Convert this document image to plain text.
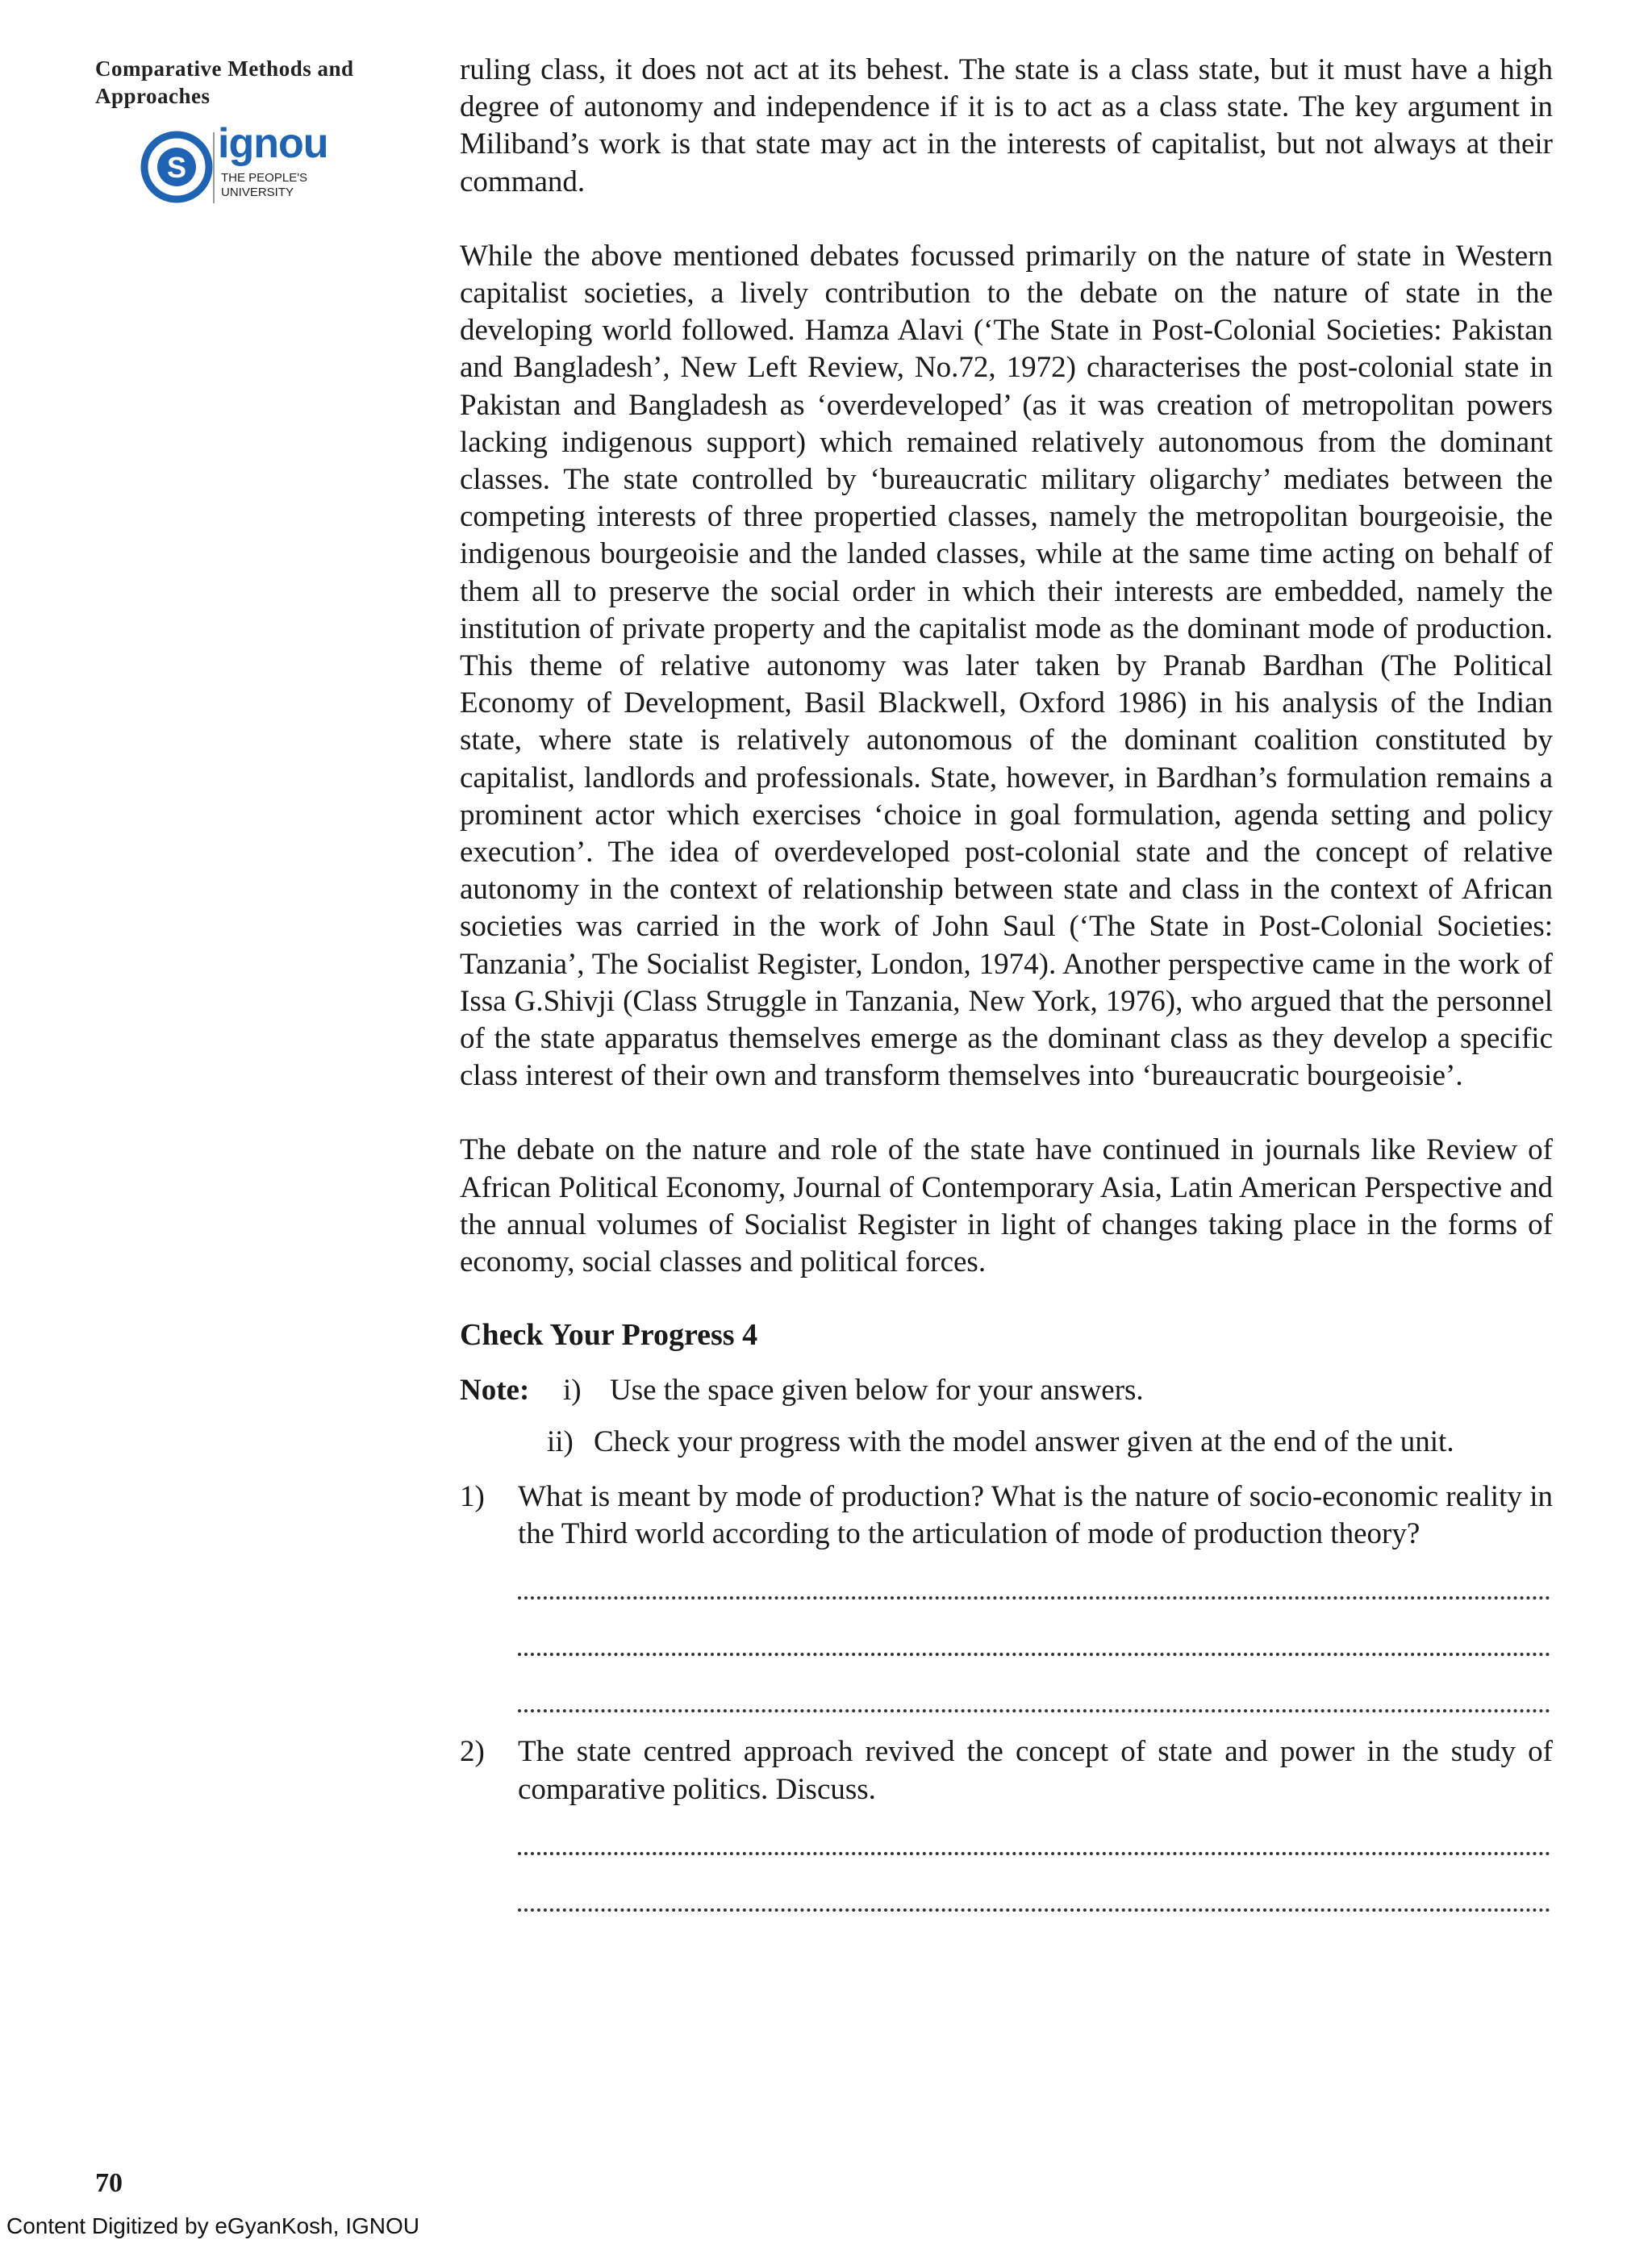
Comparative Methods and
Approaches
S
ignou
THE PEOPLE'S
UNIVERSITY

ruling class, it does not act at its behest. The state is a class state, but it must have a high degree of autonomy and independence if it is to act as a class state. The key argument in Miliband’s work is that state may act in the interests of capitalist, but not always at their command.

While the above mentioned debates focussed primarily on the nature of state in Western capitalist societies, a lively contribution to the debate on the nature of state in the developing world followed. Hamza Alavi (‘The State in Post-Colonial Societies: Pakistan and Bangladesh’, New Left Review, No.72, 1972) characterises the post-colonial state in Pakistan and Bangladesh as ‘overdeveloped’ (as it was creation of metropolitan powers lacking indigenous support) which remained relatively autonomous from the dominant classes. The state controlled by ‘bureaucratic military oligarchy’ mediates between the competing interests of three propertied classes, namely the metropolitan bourgeoisie, the indigenous bourgeoisie and the landed classes, while at the same time acting on behalf of them all to preserve the social order in which their interests are embedded, namely the institution of private property and the capitalist mode as the dominant mode of production. This theme of relative autonomy was later taken by Pranab Bardhan (The Political Economy of Development, Basil Blackwell, Oxford 1986) in his analysis of the Indian state, where state is relatively autonomous of the dominant coalition constituted by capitalist, landlords and professionals. State, however, in Bardhan’s formulation remains a prominent actor which exercises ‘choice in goal formulation, agenda setting and policy execution’. The idea of overdeveloped post-colonial state and the concept of relative autonomy in the context of relationship between state and class in the context of African societies was carried in the work of John Saul (‘The State in Post-Colonial Societies: Tanzania’, The Socialist Register, London, 1974). Another perspective came in the work of Issa G.Shivji (Class Struggle in Tanzania, New York, 1976), who argued that the personnel of the state apparatus themselves emerge as the dominant class as they develop a specific class interest of their own and transform themselves into ‘bureaucratic bourgeoisie’.

The debate on the nature and role of the state have continued in journals like Review of African Political Economy, Journal of Contemporary Asia, Latin American Perspective and the annual volumes of Socialist Register in light of changes taking place in the forms of economy, social classes and political forces.

Check Your Progress 4
Note:	i) Use the space given below for your answers.
ii) Check your progress with the model answer given at the end of the unit.
1)	What is meant by mode of production? What is the nature of socio-economic reality in the Third world according to the articulation of mode of production theory?
2)	The state centred approach revived the concept of state and power in the study of comparative politics. Discuss.
70
Content Digitized by eGyanKosh, IGNOU
